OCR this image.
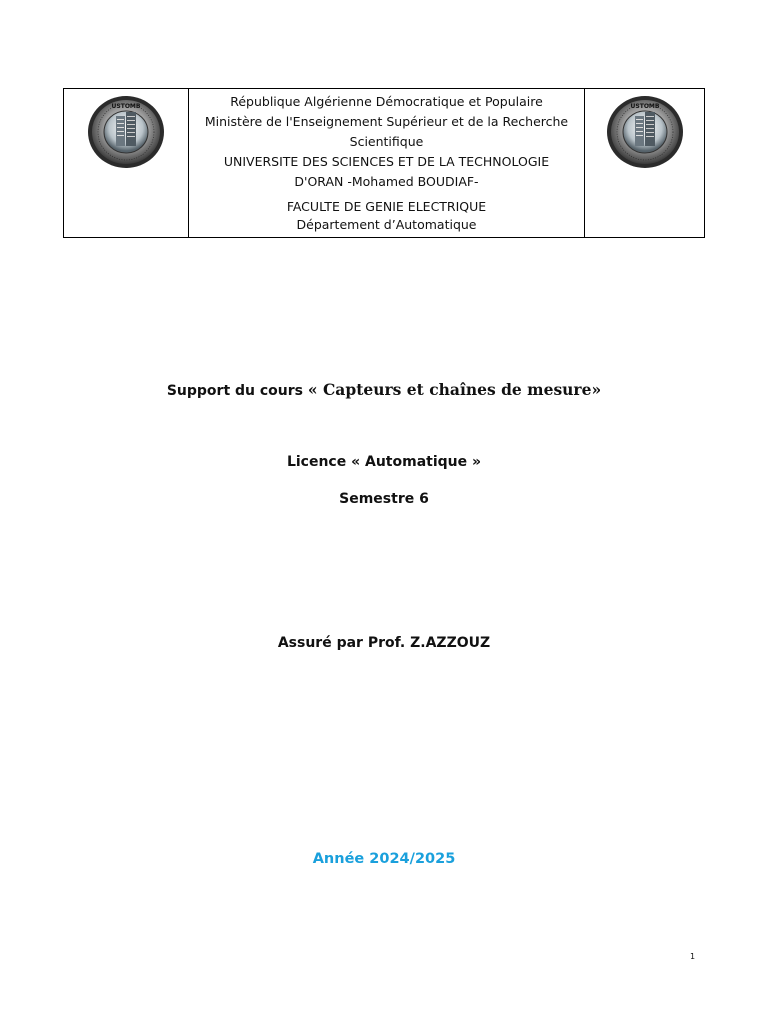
USTOMB	République Algérienne Démocratique et Populaire
Ministère de l'Enseignement Supérieur et de la Recherche
Scientifique
UNIVERSITE DES SCIENCES ET DE LA TECHNOLOGIE
D'ORAN -Mohamed BOUDIAF-
FACULTE DE GENIE ELECTRIQUE
Département d’Automatique
USTOMB
Support du cours « Capteurs et chaînes de mesure»
Licence « Automatique »
Semestre 6
Assuré par Prof. Z.AZZOUZ
Année 2024/2025
1
